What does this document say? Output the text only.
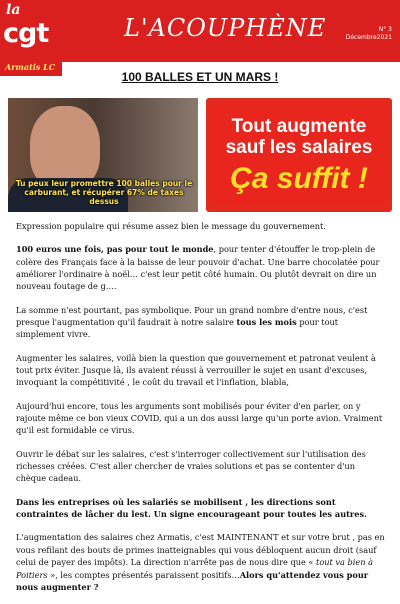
la
cgt
Armatis LC
L'ACOUPHÈNE	N° 3
Décembre2021
100 BALLES ET UN MARS !
Tu peux leur promettre 100 balles pour le carburant, et récupérer 67% de taxes dessus
Tout augmente
sauf les salaires
Ça suffit !

Expression populaire qui résume assez bien le message du gouvernement.

100 euros une fois, pas pour tout le monde, pour tenter d'étouffer le trop-plein de colère des Français face à la baisse de leur pouvoir d'achat. Une barre chocolatée pour améliorer l'ordinaire à noël… c'est leur petit côté humain. Ou plutôt devrait on dire un nouveau foutage de g….

La somme n'est pourtant, pas symbolique. Pour un grand nombre d'entre nous, c'est presque l'augmentation qu'il faudrait à notre salaire tous les mois pour tout simplement vivre.

Augmenter les salaires, voilà bien la question que gouvernement et patronat veulent à tout prix éviter. Jusque là, ils avaient réussi à verrouiller le sujet en usant d'excuses, invoquant la compétitivité , le coût du travail et l'inflation, blabla,

Aujourd'hui encore, tous les arguments sont mobilisés pour éviter d'en parler, on y rajoute même ce bon vieux COVID, qui a un dos aussi large qu'un porte avion. Vraiment qu'il est formidable ce virus.

Ouvrir le débat sur les salaires, c'est s'interroger collectivement sur l'utilisation des richesses créées. C'est aller chercher de vraies solutions et pas se contenter d'un chèque cadeau.

Dans les entreprises où les salariés se mobilisent , les directions sont contraintes de lâcher du lest. Un signe encourageant pour toutes les autres.

L'augmentation des salaires chez Armatis, c'est MAINTENANT et sur votre brut , pas en vous refilant des bouts de primes inatteignables qui vous débloquent aucun droit (sauf celui de payer des impôts). La direction n'arrête pas de nous dire que « tout va bien à Poitiers », les comptes présentés paraissent positifs…Alors qu'attendez vous pour nous augmenter ?
